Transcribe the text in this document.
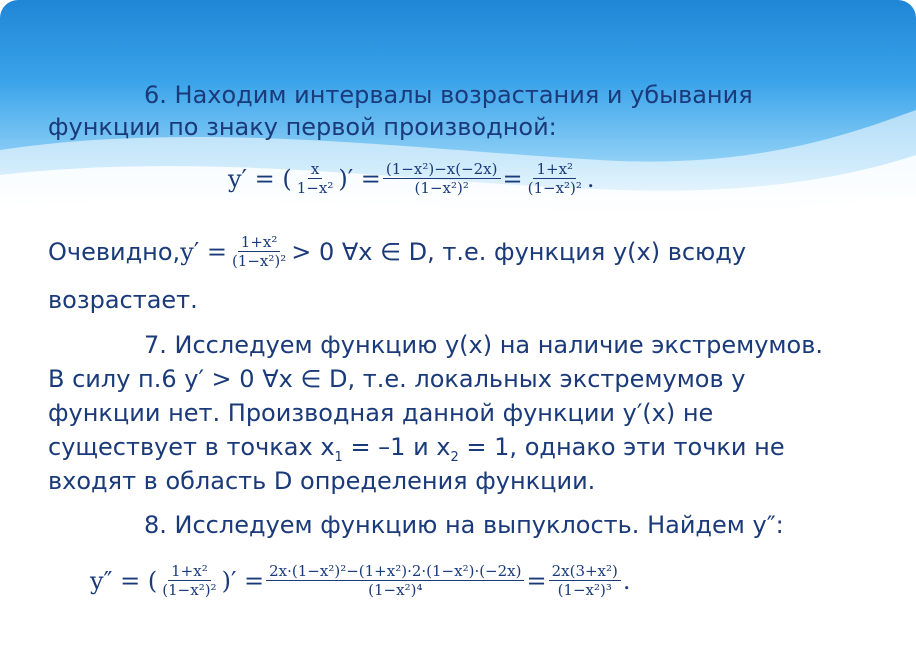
6. Находим интервалы возрастания и убывания
функции по знаку первой производной:
y′ = ( $\frac{x}{\text{1−x²}}$ )′ = $\frac{\text{(1−x²)−x(−2x)}}{\text{(1−x²)²}} = \frac{\text{1+x²}}{\text{(1−x²)²}}$ .
Очевидно, $y' = \frac{\text{1+x²}}{\text{(1−x²)²}} > 0$ ∀x ∈ D, т.е. функция y(x) всюду
возрастает.
7. Исследуем функцию y(x) на наличие экстремумов.
В силу п.6 y′ > 0 ∀x ∈ D, т.е. локальных экстремумов у
функции нет. Производная данной функции y′(x) не
существует в точках $x_1 = -1$ и $x_2 = 1$, однако эти точки не
входят в область D определения функции.
8. Исследуем функцию на выпуклость. Найдем y″:
y″ = ( $\frac{\text{1+x²}}{\text{(1−x²)²}}$ )′ = $\frac{\text{2x·(1−x²)²−(1+x²)·2·(1−x²)·(−2x)}}{\text{(1−x²)⁴}} = \frac{\text{2x(3+x²)}}{\text{(1−x²)³}}$ .
